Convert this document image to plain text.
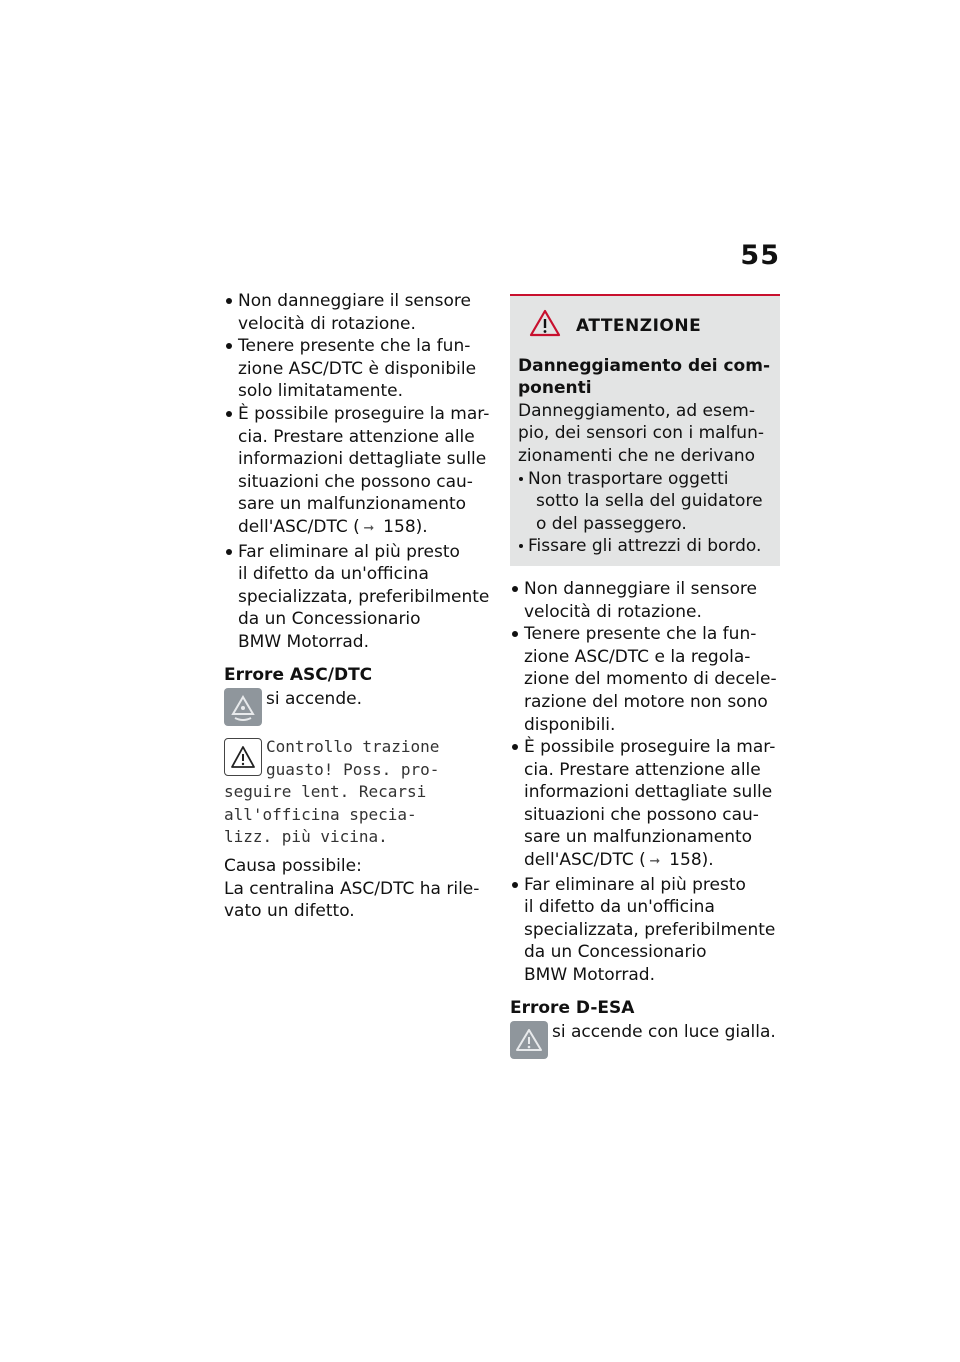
55
Non danneggiare il sensore
velocità di rotazione.
Tenere presente che la fun-
zione ASC/DTC è disponibile
solo limitatamente.
È possibile proseguire la mar-
cia. Prestare attenzione alle
informazioni dettagliate sulle
situazioni che possono cau-
sare un malfunzionamento
dell'ASC/DTC ( ➞ 158).
Far eliminare al più presto
il difetto da un'officina
specializzata, preferibilmente
da un Concessionario
BMW Motorrad.
Errore ASC/DTC
si accende.
Controllo trazione
guasto! Poss. pro-
seguire lent. Recarsi
all'officina specia-
lizz. più vicina.
Causa possibile:
La centralina ASC/DTC ha rile-
vato un difetto.
ATTENZIONE
Danneggiamento dei com-
ponenti
Danneggiamento, ad esem-
pio, dei sensori con i malfun-
zionamenti che ne derivano
Non trasportare oggetti
sotto la sella del guidatore
o del passeggero.
Fissare gli attrezzi di bordo.
Non danneggiare il sensore
velocità di rotazione.
Tenere presente che la fun-
zione ASC/DTC e la regola-
zione del momento di decele-
razione del motore non sono
disponibili.
È possibile proseguire la mar-
cia. Prestare attenzione alle
informazioni dettagliate sulle
situazioni che possono cau-
sare un malfunzionamento
dell'ASC/DTC ( ➞ 158).
Far eliminare al più presto
il difetto da un'officina
specializzata, preferibilmente
da un Concessionario
BMW Motorrad.
Errore D-ESA
si accende con luce gialla.
